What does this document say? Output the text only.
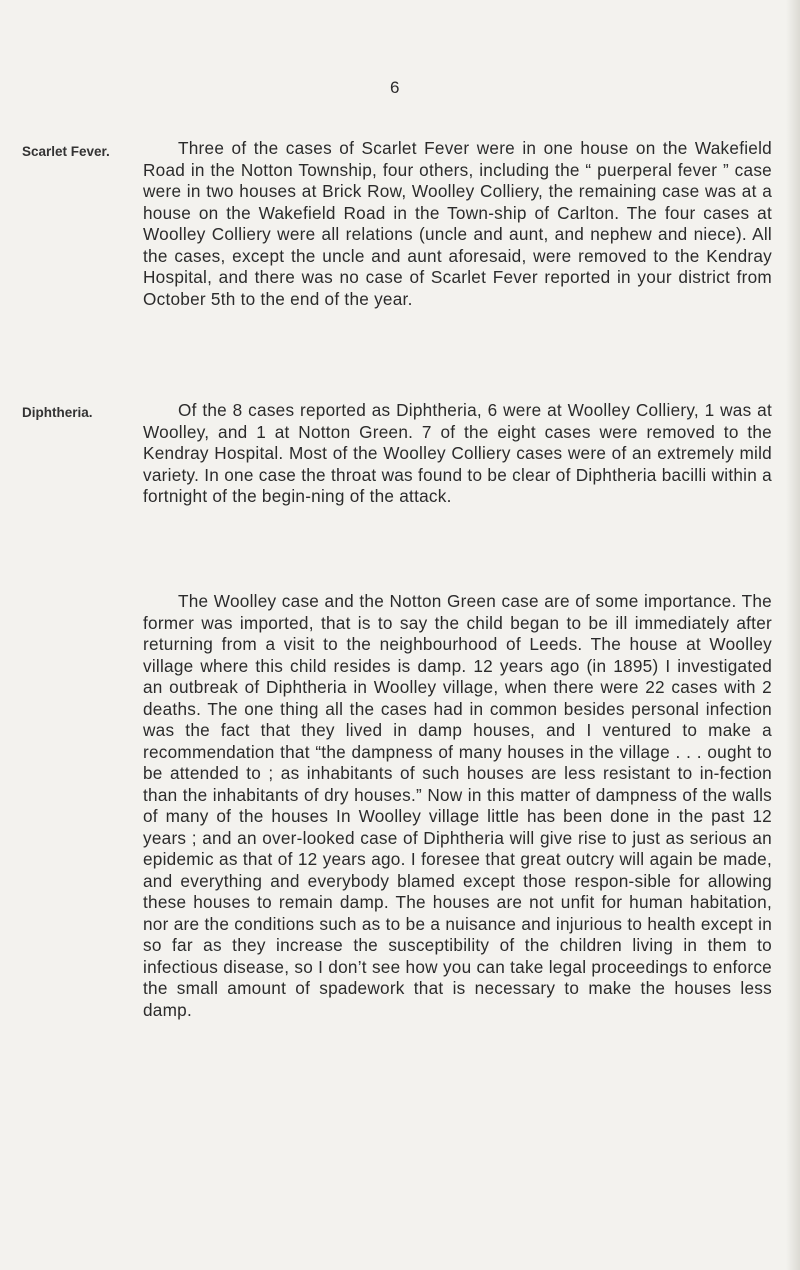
6
Scarlet Fever.	Three of the cases of Scarlet Fever were in one house on the Wakefield Road in the Notton Township, four others, including the “ puerperal fever ” case were in two houses at Brick Row, Woolley Colliery, the remaining case was at a house on the Wakefield Road in the Town-ship of Carlton. The four cases at Woolley Colliery were all relations (uncle and aunt, and nephew and niece). All the cases, except the uncle and aunt aforesaid, were removed to the Kendray Hospital, and there was no case of Scarlet Fever reported in your district from October 5th to the end of the year.

Diphtheria.	Of the 8 cases reported as Diphtheria, 6 were at Woolley Colliery, 1 was at Woolley, and 1 at Notton Green. 7 of the eight cases were removed to the Kendray Hospital. Most of the Woolley Colliery cases were of an extremely mild variety. In one case the throat was found to be clear of Diphtheria bacilli within a fortnight of the begin-ning of the attack.

The Woolley case and the Notton Green case are of some importance. The former was imported, that is to say the child began to be ill immediately after returning from a visit to the neighbourhood of Leeds. The house at Woolley village where this child resides is damp. 12 years ago (in 1895) I investigated an outbreak of Diphtheria in Woolley village, when there were 22 cases with 2 deaths. The one thing all the cases had in common besides personal infection was the fact that they lived in damp houses, and I ventured to make a recommendation that “the dampness of many houses in the village . . . ought to be attended to ; as inhabitants of such houses are less resistant to in-fection than the inhabitants of dry houses.” Now in this matter of dampness of the walls of many of the houses In Woolley village little has been done in the past 12 years ; and an over-looked case of Diphtheria will give rise to just as serious an epidemic as that of 12 years ago. I foresee that great outcry will again be made, and everything and everybody blamed except those respon-sible for allowing these houses to remain damp. The houses are not unfit for human habitation, nor are the conditions such as to be a nuisance and injurious to health except in so far as they increase the susceptibility of the children living in them to infectious disease, so I don’t see how you can take legal proceedings to enforce the small amount of spadework that is necessary to make the houses less damp.
